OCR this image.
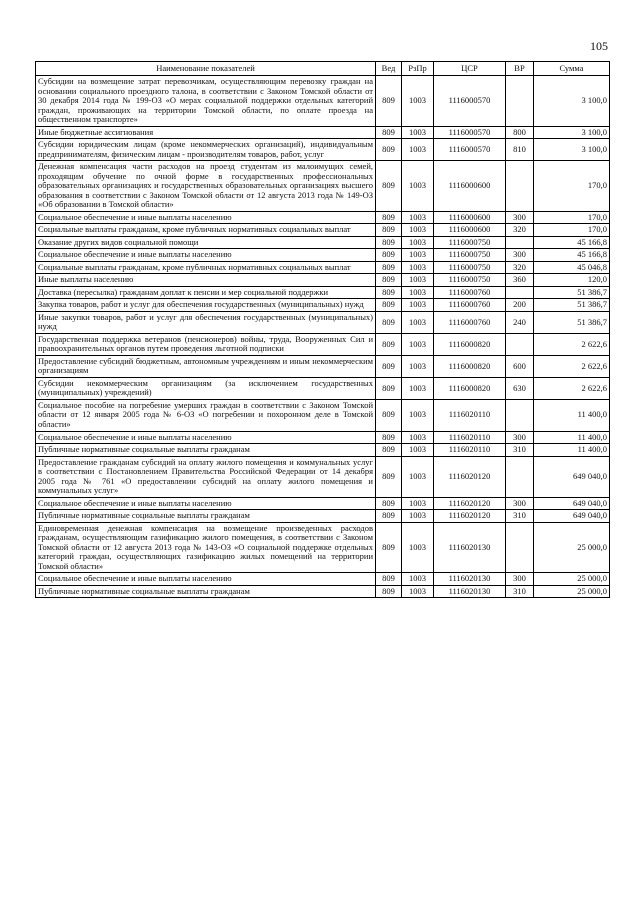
105
Наименование показателей	Вед	РзПр	ЦСР	ВР	Сумма
Субсидии на возмещение затрат перевозчикам, осуществляющим перевозку граждан на основании социального проездного талона, в соответствии с Законом Томской области от 30 декабря 2014 года № 199-ОЗ «О мерах социальной поддержки отдельных категорий граждан, проживающих на территории Томской области, по оплате проезда на общественном транспорте»	809	1003	1116000570		3 100,0
Иные бюджетные ассигнования	809	1003	1116000570	800	3 100,0
Субсидии юридическим лицам (кроме некоммерческих организаций), индивидуальным предпринимателям, физическим лицам - производителям товаров, работ, услуг	809	1003	1116000570	810	3 100,0
Денежная компенсация части расходов на проезд студентам из малоимущих семей, проходящим обучение по очной форме в государственных профессиональных образовательных организациях и государственных образовательных организациях высшего образования в соответствии с Законом Томской области от 12 августа 2013 года № 149-ОЗ «Об образовании в Томской области»	809	1003	1116000600		170,0
Социальное обеспечение и иные выплаты населению	809	1003	1116000600	300	170,0
Социальные выплаты гражданам, кроме публичных нормативных социальных выплат	809	1003	1116000600	320	170,0
Оказание других видов социальной помощи	809	1003	1116000750		45 166,8
Социальное обеспечение и иные выплаты населению	809	1003	1116000750	300	45 166,8
Социальные выплаты гражданам, кроме публичных нормативных социальных выплат	809	1003	1116000750	320	45 046,8
Иные выплаты населению	809	1003	1116000750	360	120,0
Доставка (пересылка) гражданам доплат к пенсии и мер социальной поддержки	809	1003	1116000760		51 386,7
Закупка товаров, работ и услуг для обеспечения государственных (муниципальных) нужд	809	1003	1116000760	200	51 386,7
Иные закупки товаров, работ и услуг для обеспечения государственных (муниципальных) нужд	809	1003	1116000760	240	51 386,7
Государственная поддержка ветеранов (пенсионеров) войны, труда, Вооруженных Сил и правоохранительных органов путем проведения льготной подписки	809	1003	1116000820		2 622,6
Предоставление субсидий бюджетным, автономным учреждениям и иным некоммерческим организациям	809	1003	1116000820	600	2 622,6
Субсидии некоммерческим организациям (за исключением государственных (муниципальных) учреждений)	809	1003	1116000820	630	2 622,6
Социальное пособие на погребение умерших граждан в соответствии с Законом Томской области от 12 января 2005 года № 6-ОЗ «О погребении и похоронном деле в Томской области»	809	1003	1116020110		11 400,0
Социальное обеспечение и иные выплаты населению	809	1003	1116020110	300	11 400,0
Публичные нормативные социальные выплаты гражданам	809	1003	1116020110	310	11 400,0
Предоставление гражданам субсидий на оплату жилого помещения и коммунальных услуг в соответствии с Постановлением Правительства Российской Федерации от 14 декабря 2005 года № 761 «О предоставлении субсидий на оплату жилого помещения и коммунальных услуг»	809	1003	1116020120		649 040,0
Социальное обеспечение и иные выплаты населению	809	1003	1116020120	300	649 040,0
Публичные нормативные социальные выплаты гражданам	809	1003	1116020120	310	649 040,0
Единовременная денежная компенсация на возмещение произведенных расходов гражданам, осуществляющим газификацию жилого помещения, в соответствии с Законом Томской области от 12 августа 2013 года № 143-ОЗ «О социальной поддержке отдельных категорий граждан, осуществляющих газификацию жилых помещений на территории Томской области»	809	1003	1116020130		25 000,0
Социальное обеспечение и иные выплаты населению	809	1003	1116020130	300	25 000,0
Публичные нормативные социальные выплаты гражданам	809	1003	1116020130	310	25 000,0
